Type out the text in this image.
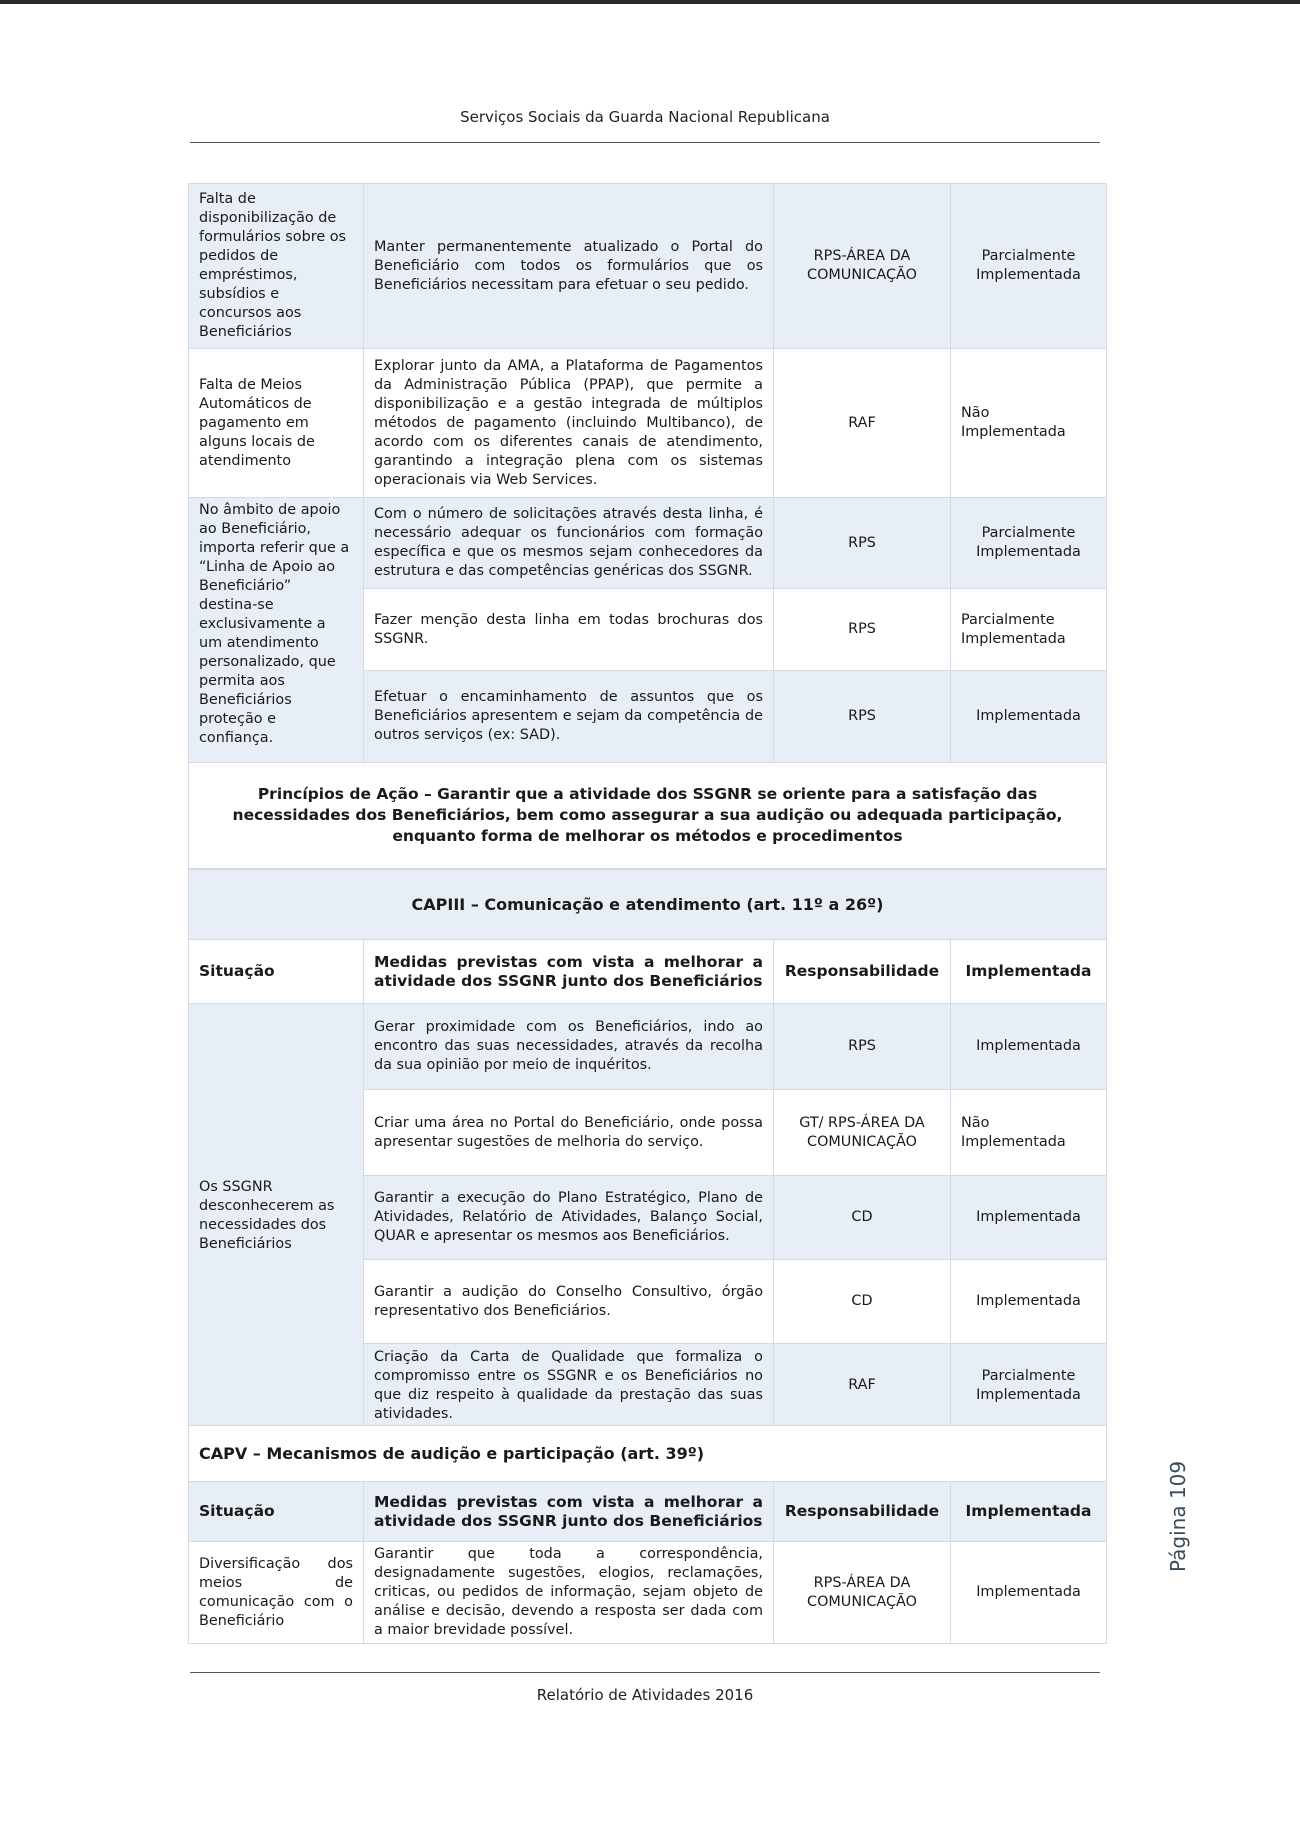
Serviços Sociais da Guarda Nacional Republicana
Falta de disponibilização de formulários sobre os pedidos de empréstimos, subsídios e concursos aos Beneficiários	Manter permanentemente atualizado o Portal do Beneficiário com todos os formulários que os Beneficiários necessitam para efetuar o seu pedido.	RPS-ÁREA DA COMUNICAÇÃO	Parcialmente Implementada
Falta de Meios Automáticos de pagamento em alguns locais de atendimento	Explorar junto da AMA, a Plataforma de Pagamentos da Administração Pública (PPAP), que permite a disponibilização e a gestão integrada de múltiplos métodos de pagamento (incluindo Multibanco), de acordo com os diferentes canais de atendimento, garantindo a integração plena com os sistemas operacionais via Web Services.	RAF	Não Implementada
No âmbito de apoio ao Beneficiário, importa referir que a “Linha de Apoio ao Beneficiário” destina-se exclusivamente a um atendimento personalizado, que permita aos Beneficiários proteção e confiança.	Com o número de solicitações através desta linha, é necessário adequar os funcionários com formação específica e que os mesmos sejam conhecedores da estrutura e das competências genéricas dos SSGNR.	RPS	Parcialmente Implementada
	Fazer menção desta linha em todas brochuras dos SSGNR.	RPS	Parcialmente Implementada
	Efetuar o encaminhamento de assuntos que os Beneficiários apresentem e sejam da competência de outros serviços (ex: SAD).	RPS	Implementada
Princípios de Ação – Garantir que a atividade dos SSGNR se oriente para a satisfação das necessidades dos Beneficiários, bem como assegurar a sua audição ou adequada participação, enquanto forma de melhorar os métodos e procedimentos			
CAPIII – Comunicação e atendimento (art. 11º a 26º)			
Situação	Medidas previstas com vista a melhorar a atividade dos SSGNR junto dos Beneficiários	Responsabilidade	Implementada
Os SSGNR desconhecerem as necessidades dos Beneficiários	Gerar proximidade com os Beneficiários, indo ao encontro das suas necessidades, através da recolha da sua opinião por meio de inquéritos.	RPS	Implementada
	Criar uma área no Portal do Beneficiário, onde possa apresentar sugestões de melhoria do serviço.	GT/ RPS-ÁREA DA COMUNICAÇÃO	Não Implementada
	Garantir a execução do Plano Estratégico, Plano de Atividades, Relatório de Atividades, Balanço Social, QUAR e apresentar os mesmos aos Beneficiários.	CD	Implementada
	Garantir a audição do Conselho Consultivo, órgão representativo dos Beneficiários.	CD	Implementada
	Criação da Carta de Qualidade que formaliza o compromisso entre os SSGNR e os Beneficiários no que diz respeito à qualidade da prestação das suas atividades.	RAF	Parcialmente Implementada
CAPV – Mecanismos de audição e participação (art. 39º)			
Situação	Medidas previstas com vista a melhorar a atividade dos SSGNR junto dos Beneficiários	Responsabilidade	Implementada
Diversificação dos meios de comunicação com o Beneficiário	Garantir que toda a correspondência, designadamente sugestões, elogios, reclamações, criticas, ou pedidos de informação, sejam objeto de análise e decisão, devendo a resposta ser dada com a maior brevidade possível.	RPS-ÁREA DA COMUNICAÇÃO	Implementada
Página 109
Relatório de Atividades 2016
